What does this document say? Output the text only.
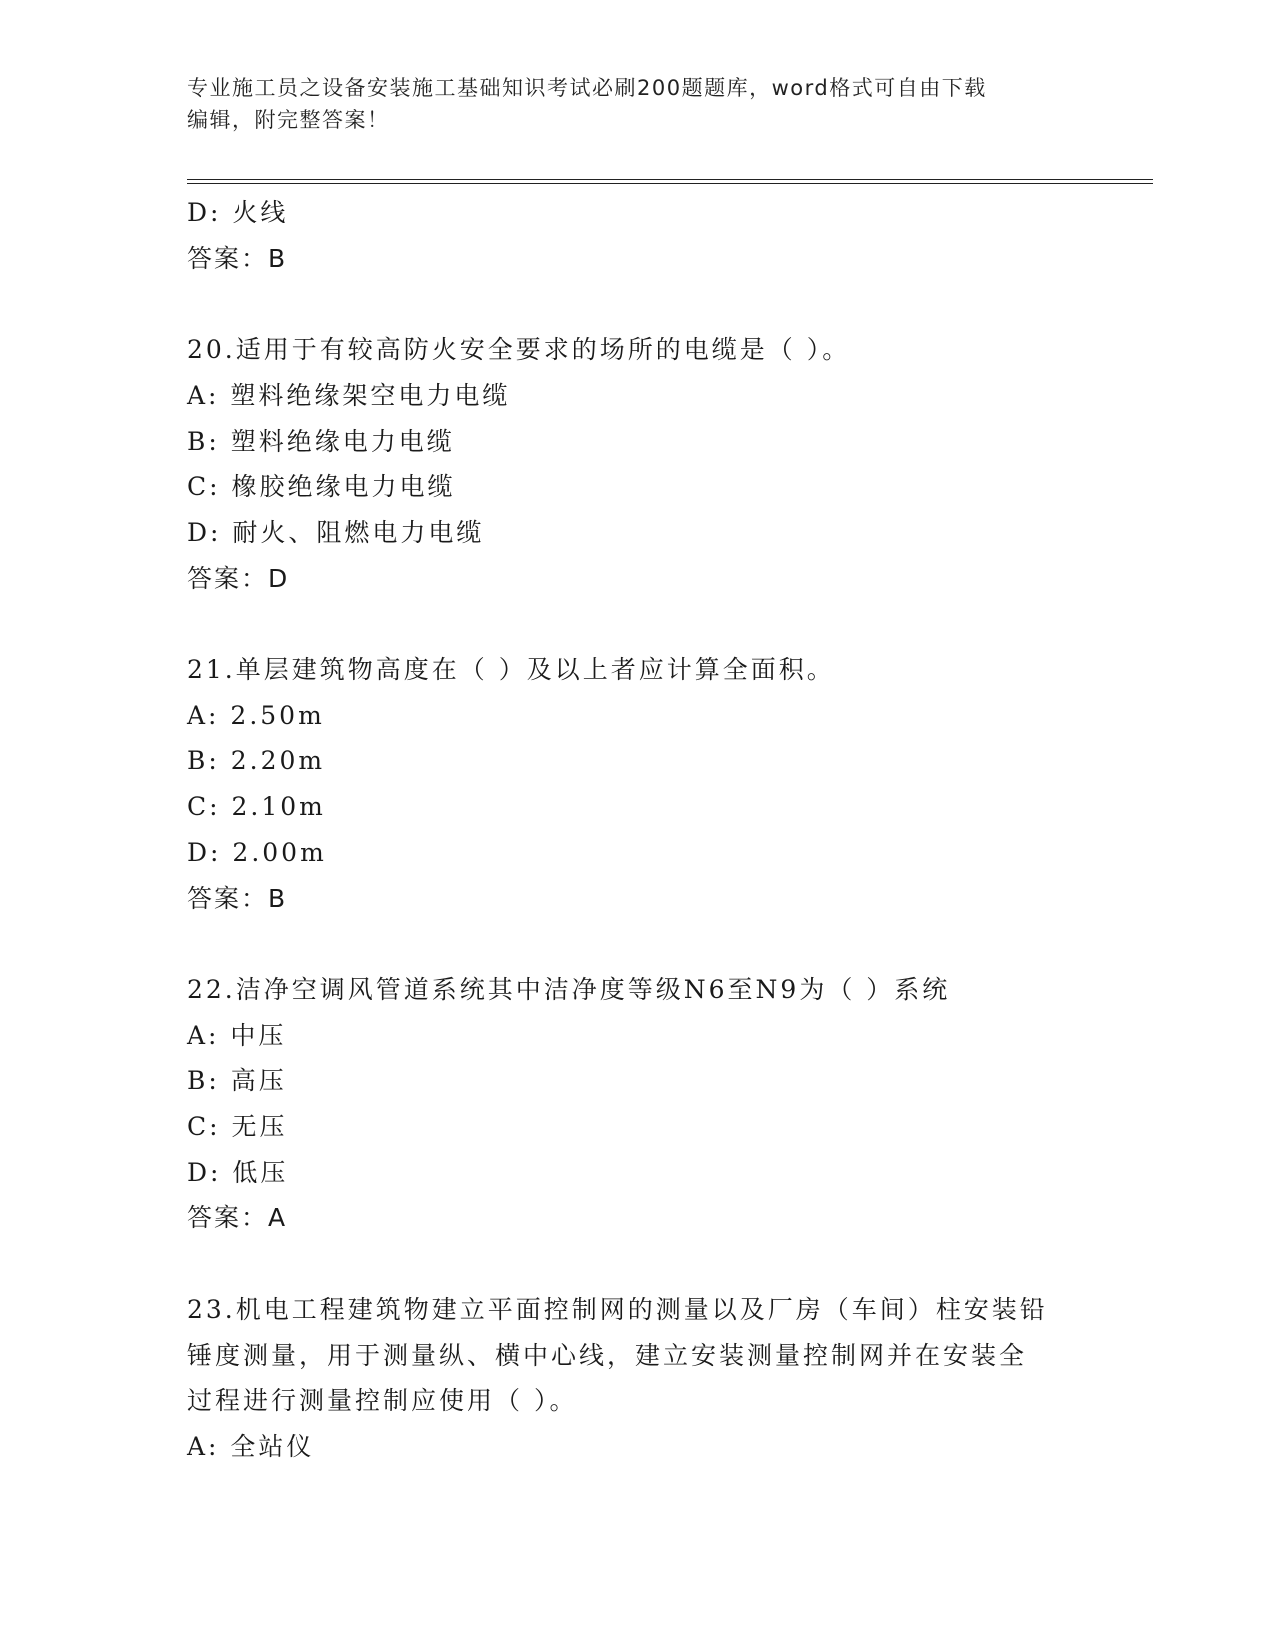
专业施工员之设备安装施工基础知识考试必刷200题题库，word格式可自由下载
编辑，附完整答案！
D: 火线
答案：B
20.适用于有较高防火安全要求的场所的电缆是（ ）。
A: 塑料绝缘架空电力电缆
B: 塑料绝缘电力电缆
C: 橡胶绝缘电力电缆
D: 耐火、阻燃电力电缆
答案：D
21.单层建筑物高度在（ ）及以上者应计算全面积。
A: 2.50m
B: 2.20m
C: 2.10m
D: 2.00m
答案：B
22.洁净空调风管道系统其中洁净度等级N6至N9为（ ）系统
A: 中压
B: 高压
C: 无压
D: 低压
答案：A
23.机电工程建筑物建立平面控制网的测量以及厂房（车间）柱安装铅
锤度测量，用于测量纵、横中心线，建立安装测量控制网并在安装全
过程进行测量控制应使用（ ）。
A: 全站仪
